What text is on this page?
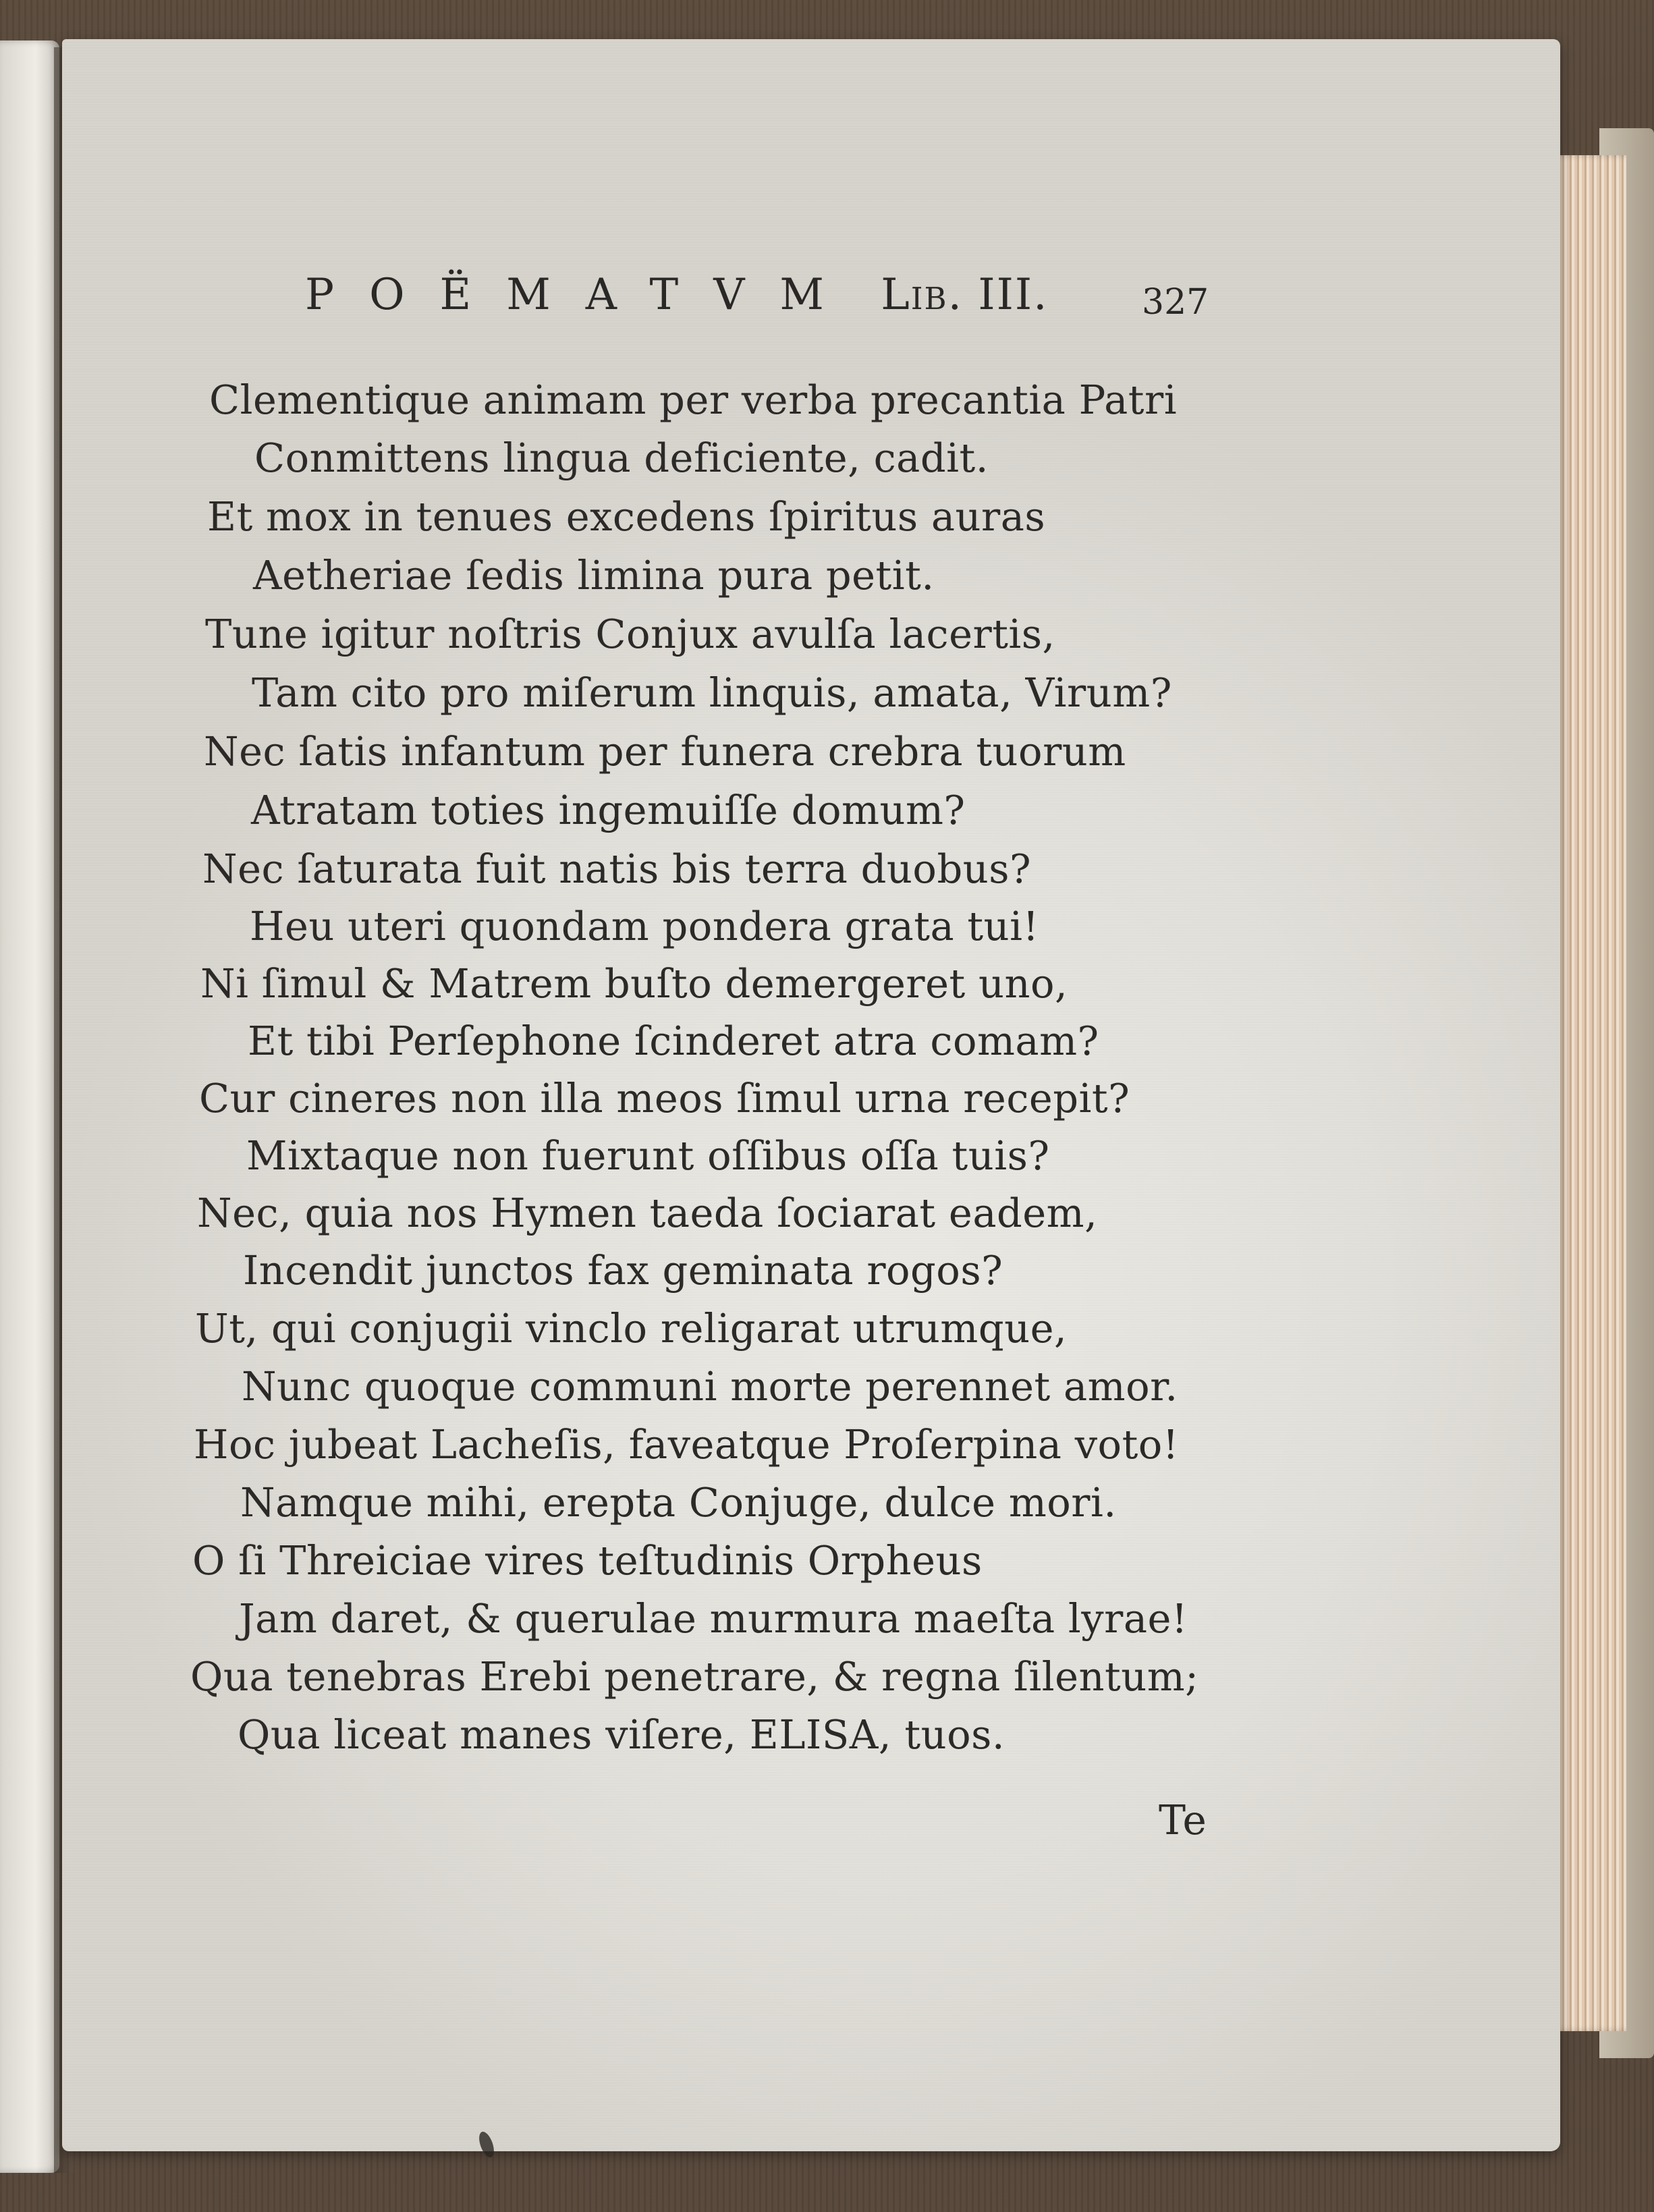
POËMATVM Lib. III.	327
Clementique animam per verba precantia Patri
Conmittens lingua deficiente, cadit.
Et mox in tenues excedens ſpiritus auras
Aetheriae ſedis limina pura petit.
Tune igitur noſtris Conjux avulſa lacertis,
Tam cito pro miſerum linquis, amata, Virum?
Nec ſatis infantum per funera crebra tuorum
Atratam toties ingemuiſſe domum?
Nec ſaturata fuit natis bis terra duobus?
Heu uteri quondam pondera grata tui!
Ni ſimul & Matrem buſto demergeret uno,
Et tibi Perſephone ſcinderet atra comam?
Cur cineres non illa meos ſimul urna recepit?
Mixtaque non fuerunt oſſibus oſſa tuis?
Nec, quia nos Hymen taeda ſociarat eadem,
Incendit junctos fax geminata rogos?
Ut, qui conjugii vinclo religarat utrumque,
Nunc quoque communi morte perennet amor.
Hoc jubeat Lacheſis, faveatque Proſerpina voto!
Namque mihi, erepta Conjuge, dulce mori.
O ſi Threiciae vires teſtudinis Orpheus
Jam daret, & querulae murmura maeſta lyrae!
Qua tenebras Erebi penetrare, & regna ſilentum;
Qua liceat manes viſere, ELISA, tuos.
Te
